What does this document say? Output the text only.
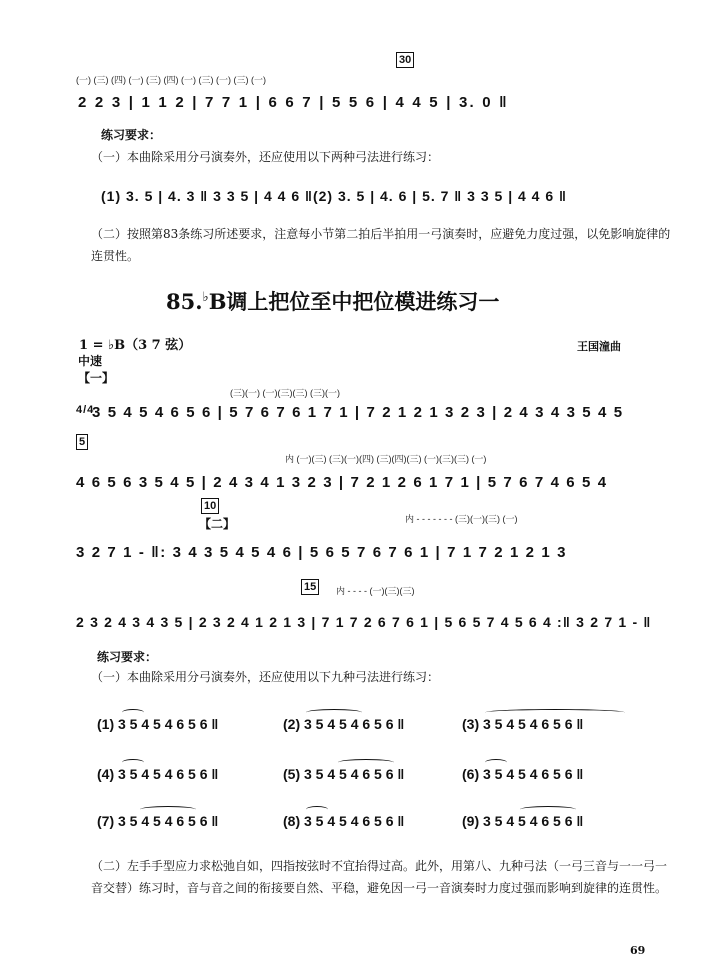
30
(一) (三) (四) (一) (三) (四) (一) (三) (一) (三) (一)
2 2 3 | 1 1 2 | 7 7 1 | 6 6 7 | 5 5 6 | 4 4 5 | 3. 0 ‖
练习要求：
（一）本曲除采用分弓演奏外，还应使用以下两种弓法进行练习：
(1) 3. 5 | 4. 3 ‖ 3 3 5 | 4 4 6 ‖(2) 3. 5 | 4. 6 | 5. 7 ‖ 3 3 5 | 4 4 6 ‖
（二）按照第83条练习所述要求，注意每小节第二拍后半拍用一弓演奏时，应避免力度过强，以免影响旋律的连贯性。
85.♭B调上把位至中把位模进练习一
1 = ♭B（3 7 弦）	王国潼曲
中速
【一】
(三)(一) (一)(三)(三) (三)(一)
4/4
3 5 4 5 4 6 5 6 | 5 7 6 7 6 1 7 1 | 7 2 1 2 1 3 2 3 | 2 4 3 4 3 5 4 5
5
内 (一)(三) (三)(一)(四) (三)(四)(三) (一)(三)(三) (一)
4 6 5 6 3 5 4 5 | 2 4 3 4 1 3 2 3 | 7 2 1 2 6 1 7 1 | 5 7 6 7 4 6 5 4
10
【二】	内 - - - - - - - (三)(一)(三) (一)
3 2 7 1 - ‖: 3 4 3 5 4 5 4 6 | 5 6 5 7 6 7 6 1 | 7 1 7 2 1 2 1 3
15	内 - - - - (一)(三)(三)
2 3 2 4 3 4 3 5 | 2 3 2 4 1 2 1 3 | 7 1 7 2 6 7 6 1 | 5 6 5 7 4 5 6 4 :‖ 3 2 7 1 - ‖
练习要求：
（一）本曲除采用分弓演奏外，还应使用以下九种弓法进行练习：
(1) 3 5 4 5 4 6 5 6 ‖	(2) 3 5 4 5 4 6 5 6 ‖	(3) 3 5 4 5 4 6 5 6 ‖
(4) 3 5 4 5 4 6 5 6 ‖	(5) 3 5 4 5 4 6 5 6 ‖	(6) 3 5 4 5 4 6 5 6 ‖
(7) 3 5 4 5 4 6 5 6 ‖	(8) 3 5 4 5 4 6 5 6 ‖	(9) 3 5 4 5 4 6 5 6 ‖
（二）左手手型应力求松弛自如，四指按弦时不宜抬得过高。此外，用第八、九种弓法（一弓三音与一一弓一音交替）练习时，音与音之间的衔接要自然、平稳，避免因一弓一音演奏时力度过强而影响到旋律的连贯性。
69
